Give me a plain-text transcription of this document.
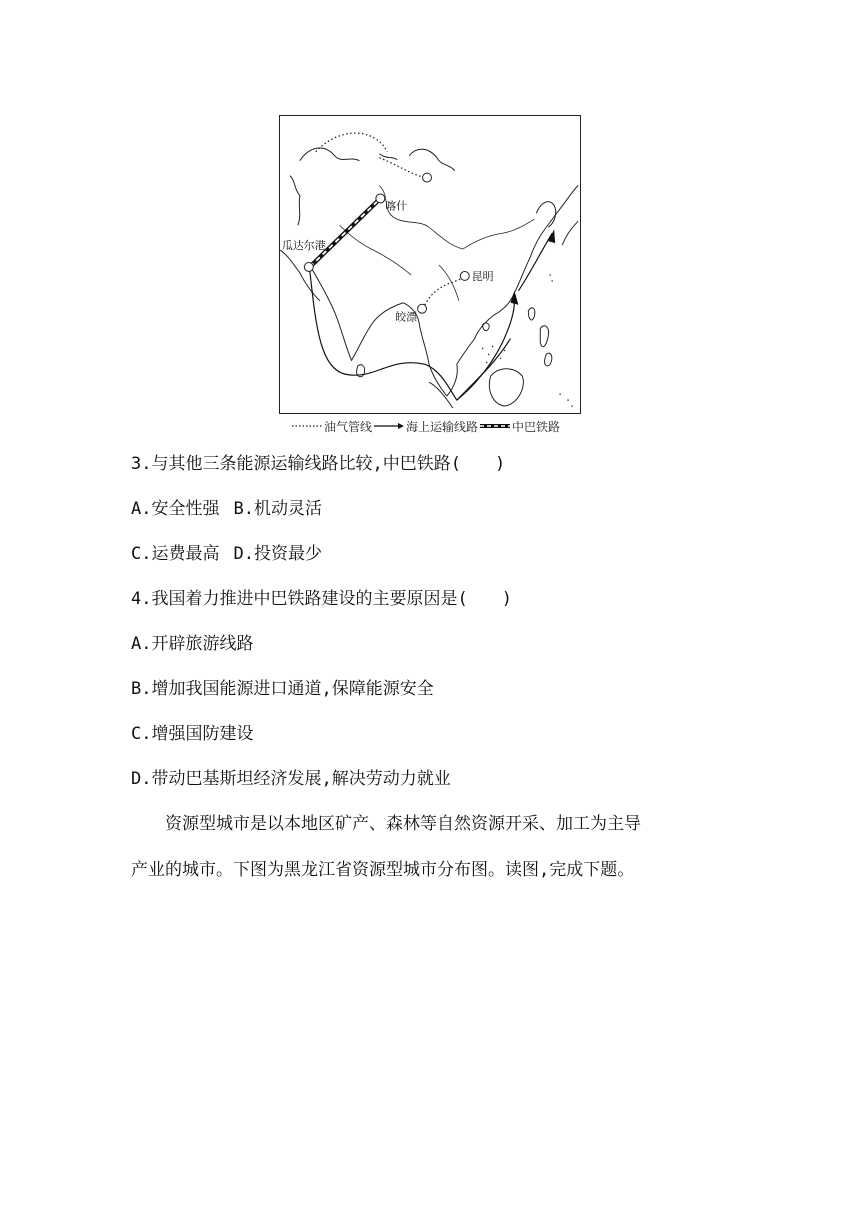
喀什
瓜达尔港
昆明
皎漂
油气管线	海上运输线路	中巴铁路
3.与其他三条能源运输线路比较,中巴铁路(　　)
A.安全性强 B.机动灵活
C.运费最高 D.投资最少
4.我国着力推进中巴铁路建设的主要原因是(　　)
A.开辟旅游线路
B.增加我国能源进口通道,保障能源安全
C.增强国防建设
D.带动巴基斯坦经济发展,解决劳动力就业
资源型城市是以本地区矿产、森林等自然资源开采、加工为主导
产业的城市。下图为黑龙江省资源型城市分布图。读图,完成下题。
